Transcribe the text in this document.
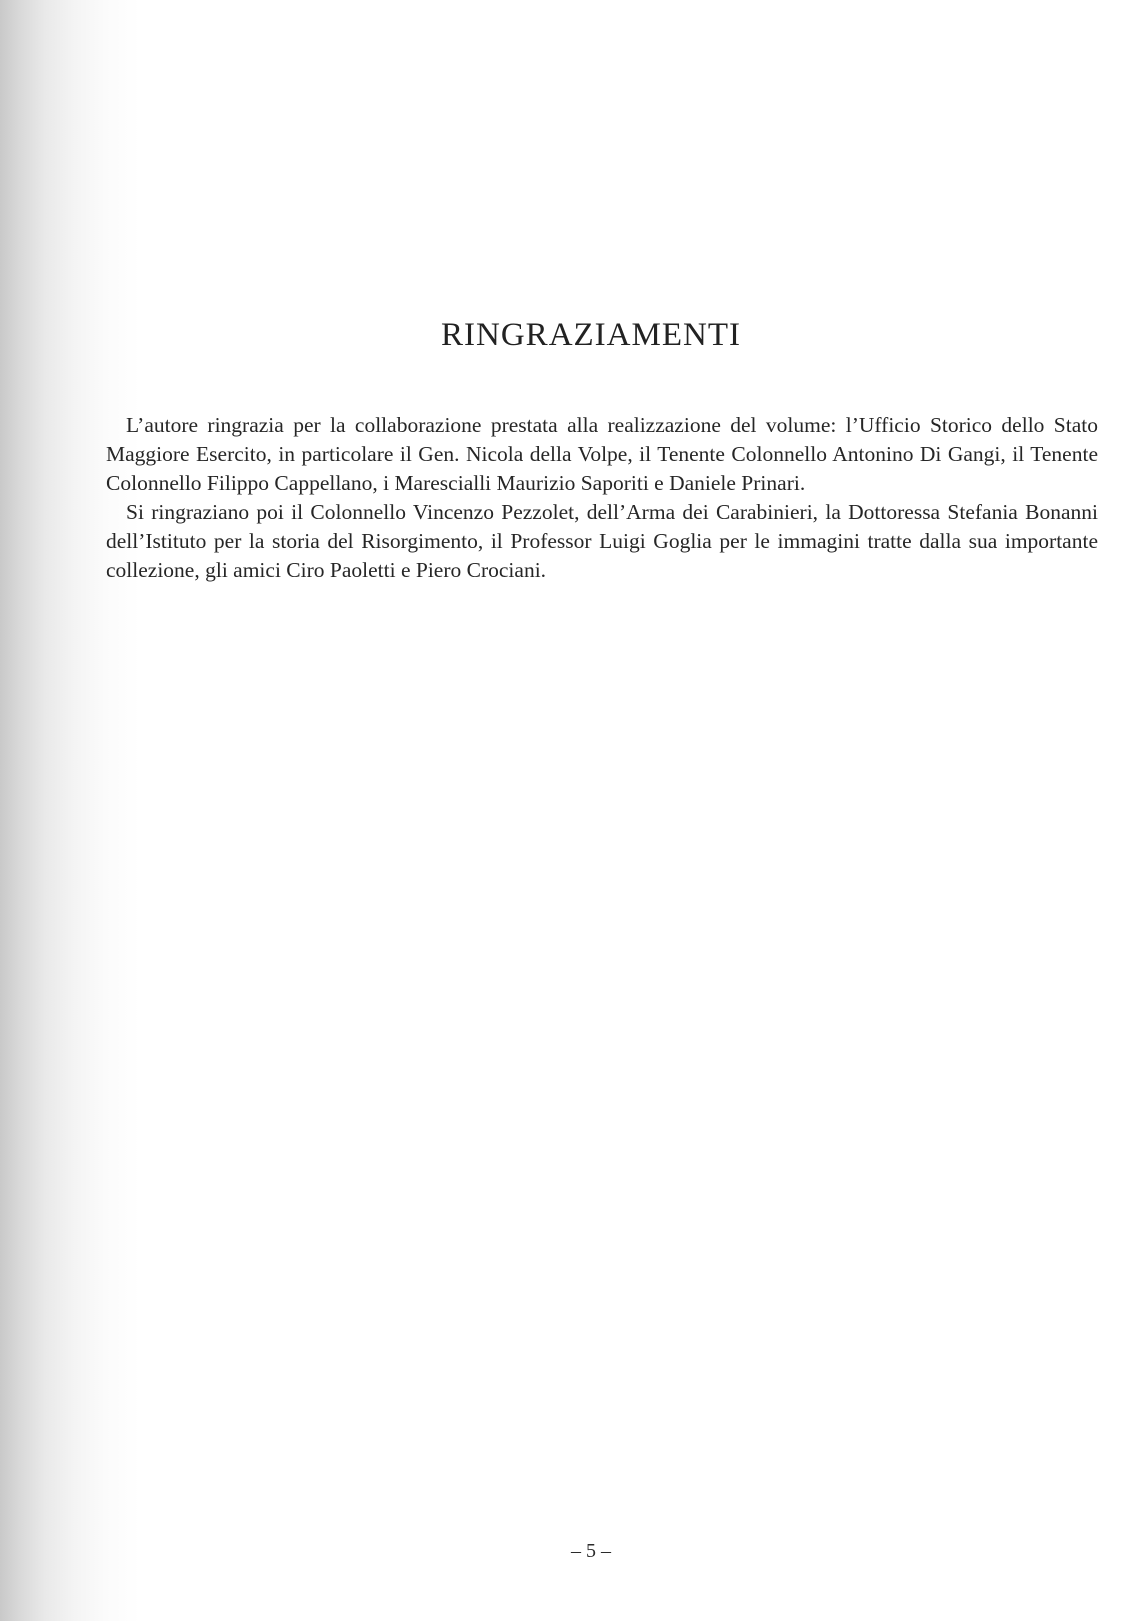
RINGRAZIAMENTI

L’autore ringrazia per la collaborazione prestata alla realizzazione del volume: l’Ufficio Storico dello Stato Maggiore Esercito, in particolare il Gen. Nicola della Volpe, il Tenente Colonnello Antonino Di Gangi, il Tenente Colonnello Filippo Cappellano, i Marescialli Maurizio Saporiti e Daniele Prinari.

Si ringraziano poi il Colonnello Vincenzo Pezzolet, dell’Arma dei Carabinieri, la Dottoressa Stefania Bonanni dell’Istituto per la storia del Risorgimento, il Professor Luigi Goglia per le immagini tratte dalla sua importante collezione, gli amici Ciro Paoletti e Piero Crociani.

– 5 –
